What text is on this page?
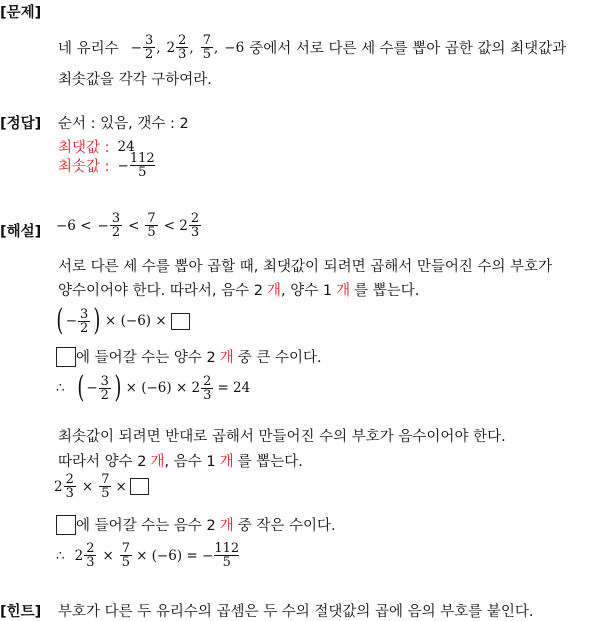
[문제]
네 유리수 − $\frac{3}{2}$ , $2 \frac{2}{3}$ , $\frac{7}{5}$ , −6 중에서 서로 다른 세 수를 뽑아 곱한 값의 최댓값과
최솟값을 각각 구하여라.
[정답] 순서 : 있음, 갯수 : 2
최댓값 : 24
최솟값 : − $\frac{112}{5}$
[해설] −6 < − $\frac{3}{2} < \frac{7}{5} < 2 \frac{2}{3}$
서로 다른 세 수를 뽑아 곱할 때, 최댓값이 되려면 곱해서 만들어진 수의 부호가
양수이어야 한다. 따라서, 음수 2 개, 양수 1 개 를 뽑는다.
( − $\frac{3}{2}$ ) × (−6) ×
에 들어갈 수는 양수 2 개 중 큰 수이다.
∴ ( − $\frac{3}{2}$ ) × $(-6) \times 2 \frac{2}{3} = 24$
최솟값이 되려면 반대로 곱해서 만들어진 수의 부호가 음수이어야 한다.
따라서 양수 2 개, 음수 1 개 를 뽑는다.
$2 \frac{2}{3} \times \frac{7}{5}$ ×
에 들어갈 수는 음수 2 개 중 작은 수이다.
∴ $2 \frac{2}{3} \times \frac{7}{5} \times (-6)$ = − $\frac{112}{5}$
[힌트] 부호가 다른 두 유리수의 곱셈은 두 수의 절댓값의 곱에 음의 부호를 붙인다.
